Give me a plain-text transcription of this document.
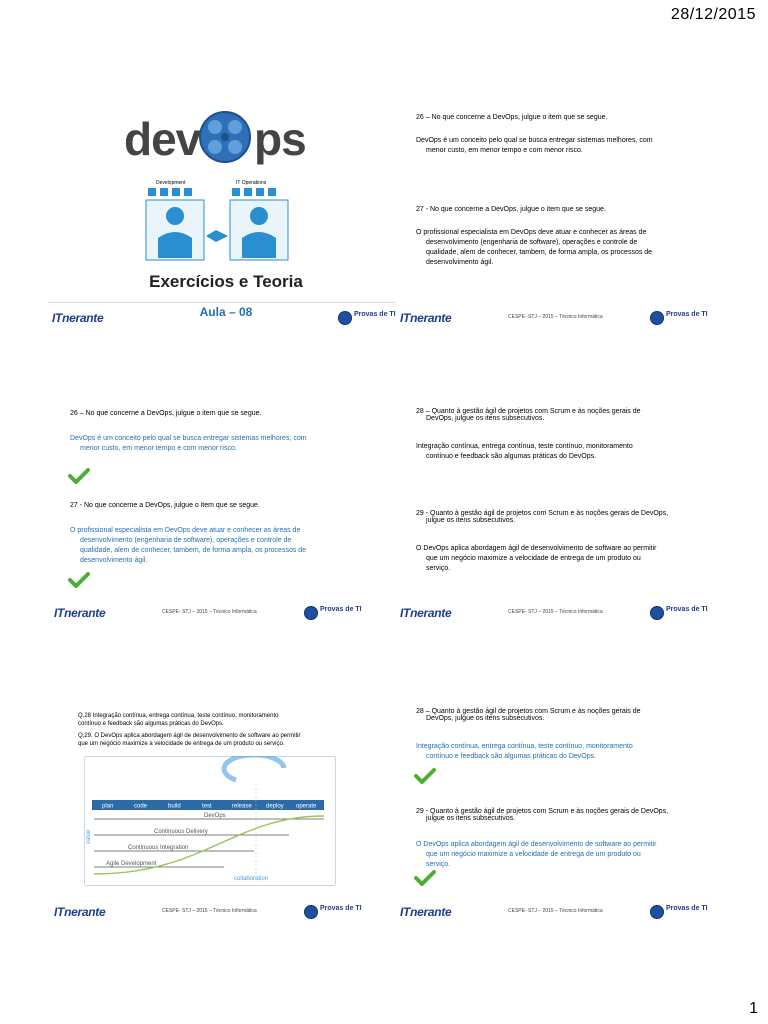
28/12/2015
dev ps
Development	IT Operations
Exercícios e Teoria
Aula – 08
ITnerante	Provas de TI
26 – No que concerne a DevOps, julgue o item que se segue.
DevOps é um conceito pelo qual se busca entregar sistemas melhores, com
menor custo, em menor tempo e com menor risco.
27 - No que concerne a DevOps, julgue o item que se segue.
O profissional especialista em DevOps deve atuar e conhecer as áreas de
desenvolvimento (engenharia de software), operações e controle de
qualidade, alem de conhecer, tambem, de forma ampla, os processos de
desenvolvimento ágil.
ITnerante	CESPE- STJ – 2015 – Técnico Informática	Provas de TI
26 – No que concerne a DevOps, julgue o item que se segue.
DevOps é um conceito pelo qual se busca entregar sistemas melhores, com
menor custo, em menor tempo e com menor risco.
27 - No que concerne a DevOps, julgue o item que se segue.
O profissional especialista em DevOps deve atuar e conhecer as áreas de
desenvolvimento (engenharia de software), operações e controle de
qualidade, alem de conhecer, tambem, de forma ampla, os processos de
desenvolvimento ágil.
ITnerante	CESPE- STJ – 2015 – Técnico Informática	Provas de TI
28 – Quanto à gestão ágil de projetos com Scrum e às noções gerais de
DevOps, julgue os itens subsecutivos.
Integração contínua, entrega contínua, teste contínuo, monitoramento
contínuo e feedback são algumas práticas do DevOps.
29 - Quanto à gestão ágil de projetos com Scrum e às noções gerais de DevOps,
julgue os itens subsecutivos.
O DevOps aplica abordagem ágil de desenvolvimento de software ao permitir
que um negócio maximize a velocidade de entrega de um produto ou
serviço.
ITnerante	CESPE- STJ – 2015 – Técnico Informática	Provas de TI
Q,28 Integração contínua, entrega contínua, teste contínuo, monitoramento
contínuo e feedback são algumas práticas do DevOps.
Q,29. O DevOps aplica abordagem ágil de desenvolvimento de software ao permitir
que um negócio maximize a velocidade de entrega de um produto ou serviço.
plan	code	build	test	release deploy operate
DevOps
Continuous Delivery
Continuous Integration
Agile Development
value
collaboration
ITnerante	CESPE- STJ – 2015 – Técnico Informática	Provas de TI
28 – Quanto à gestão ágil de projetos com Scrum e às noções gerais de
DevOps, julgue os itens subsecutivos.
Integração contínua, entrega contínua, teste contínuo, monitoramento
contínuo e feedback são algumas práticas do DevOps.
29 - Quanto à gestão ágil de projetos com Scrum e às noções gerais de DevOps,
julgue os itens subsecutivos.
O DevOps aplica abordagem ágil de desenvolvimento de software ao permitir
que um negócio maximize a velocidade de entrega de um produto ou
serviço.
ITnerante	CESPE- STJ – 2015 – Técnico Informática	Provas de TI
1
